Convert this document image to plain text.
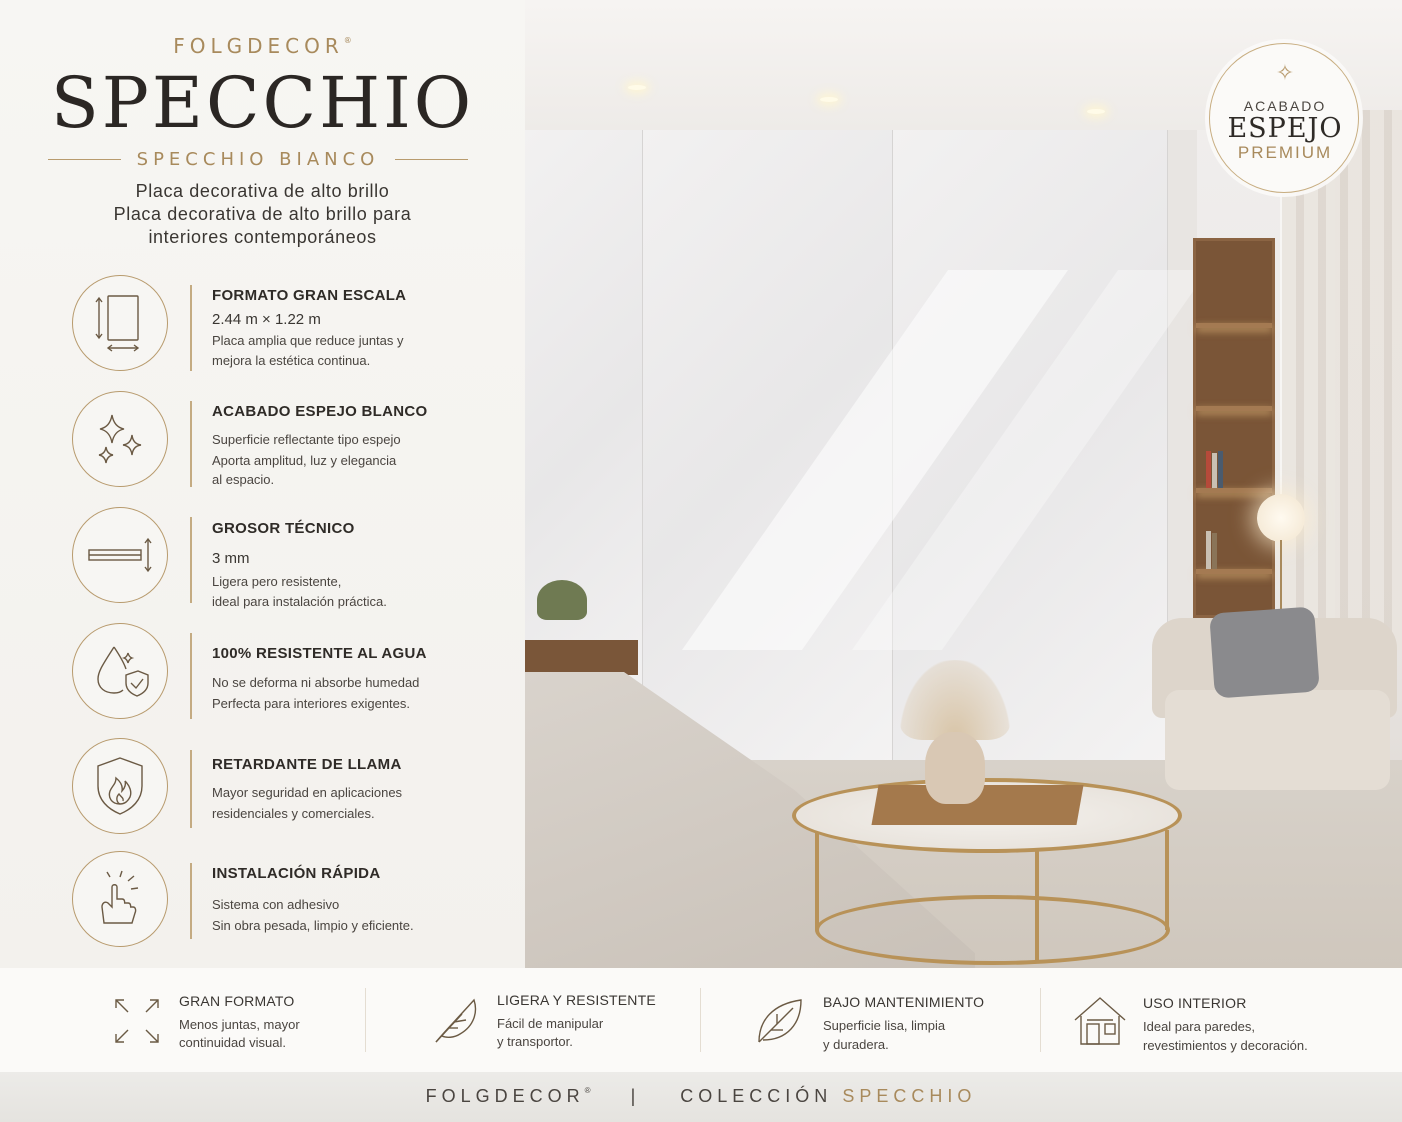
FOLGDECOR®
SPECCHIO
SPECCHIO BIANCO
Placa decorativa de alto brillo
Placa decorativa de alto brillo para
interiores contemporáneos
FORMATO GRAN ESCALA
2.44 m × 1.22 m
Placa amplia que reduce juntas y
mejora la estética continua.
ACABADO ESPEJO BLANCO
Superficie reflectante tipo espejo
Aporta amplitud, luz y elegancia
al espacio.
GROSOR TÉCNICO
3 mm
Ligera pero resistente,
ideal para instalación práctica.
100% RESISTENTE AL AGUA
No se deforma ni absorbe humedad
Perfecta para interiores exigentes.
RETARDANTE DE LLAMA
Mayor seguridad en aplicaciones
residenciales y comerciales.
INSTALACIÓN RÁPIDA
Sistema con adhesivo
Sin obra pesada, limpio y eficiente.
✧
ACABADO
ESPEJO
PREMIUM
GRAN FORMATO
Menos juntas, mayor
continuidad visual.
LIGERA Y RESISTENTE
Fácil de manipular
y transportor.
BAJO MANTENIMIENTO
Superficie lisa, limpia
y duradera.
USO INTERIOR
Ideal para paredes,
revestimientos y decoración.
FOLGDECOR® | COLECCIÓN SPECCHIO
